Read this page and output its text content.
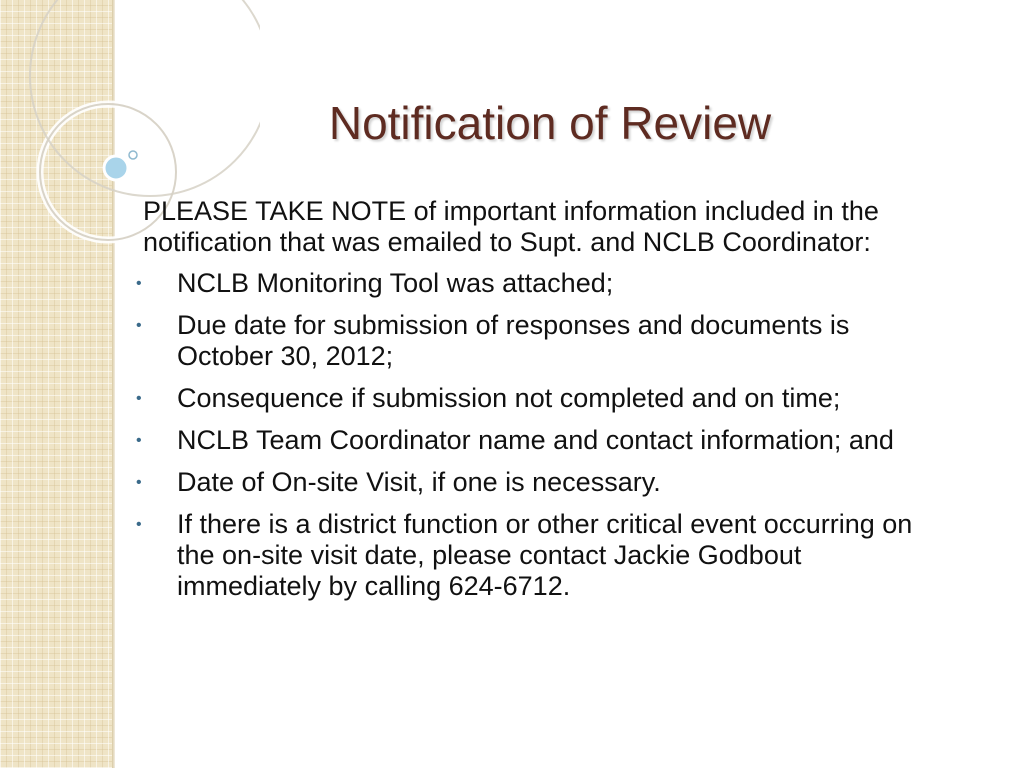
Notification of Review

PLEASE TAKE NOTE of important information included in the notification that was emailed to Supt. and NCLB Coordinator:

• NCLB Monitoring Tool was attached;
• Due date for submission of responses and documents is October 30, 2012;
• Consequence if submission not completed and on time;
• NCLB Team Coordinator name and contact information; and
• Date of On-site Visit, if one is necessary.
• If there is a district function or other critical event occurring on the on-site visit date, please contact Jackie Godbout immediately by calling 624-6712.
